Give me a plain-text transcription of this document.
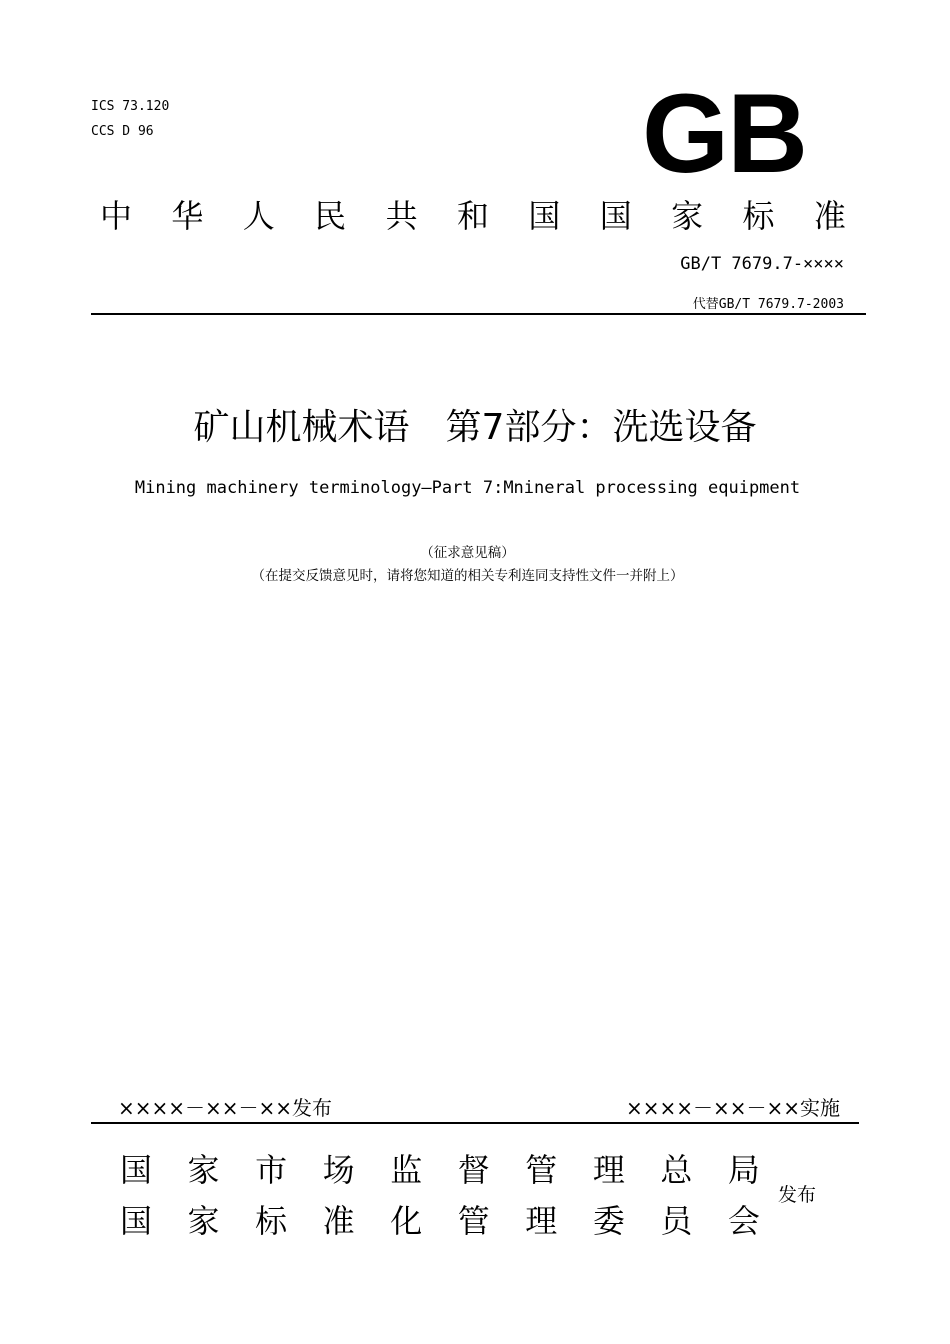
ICS 73.120
CCS D 96	GB
中 华 人 民 共 和 国 国 家 标 准
GB/T 7679.7-××××
代替GB/T 7679.7-2003
矿山机械术语　第7部分：洗选设备
Mining machinery terminology—Part 7:Mnineral processing equipment
（征求意见稿）
（在提交反馈意见时，请将您知道的相关专利连同支持性文件一并附上）
××××－××－××发布	××××－××－××实施
国 家 市 场 监 督 管 理 总 局
国 家 标 准 化 管 理 委 员 会
发布
